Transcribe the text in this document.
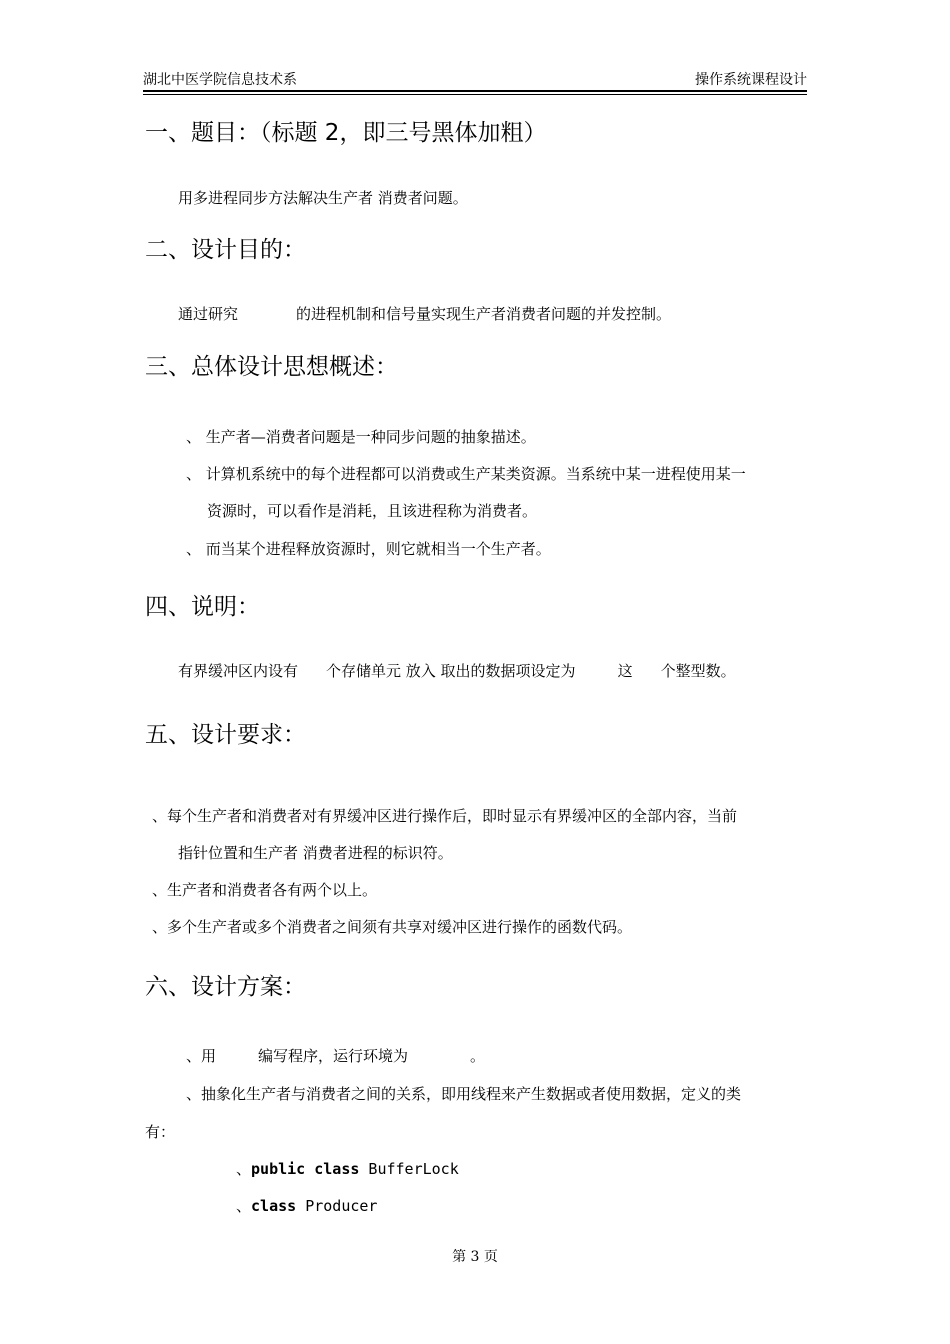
湖北中医学院信息技术系	操作系统课程设计
一、题目：（标题 2，即三号黑体加粗）
用多进程同步方法解决生产者 消费者问题。
二、设计目的：
通过研究	的进程机制和信号量实现生产者消费者问题的并发控制。
三、总体设计思想概述：
、 生产者—消费者问题是一种同步问题的抽象描述。
、 计算机系统中的每个进程都可以消费或生产某类资源。当系统中某一进程使用某一
资源时，可以看作是消耗，且该进程称为消费者。
、 而当某个进程释放资源时，则它就相当一个生产者。
四、说明：
有界缓冲区内设有 个存储单元 放入 取出的数据项设定为	这 个整型数。
五、设计要求：
、每个生产者和消费者对有界缓冲区进行操作后，即时显示有界缓冲区的全部内容，当前
指针位置和生产者 消费者进程的标识符。
、生产者和消费者各有两个以上。
、多个生产者或多个消费者之间须有共享对缓冲区进行操作的函数代码。
六、设计方案：
、用	编写程序，运行环境为	。
、抽象化生产者与消费者之间的关系，即用线程来产生数据或者使用数据，定义的类
有：
、public class BufferLock
、class Producer
第 3 页
